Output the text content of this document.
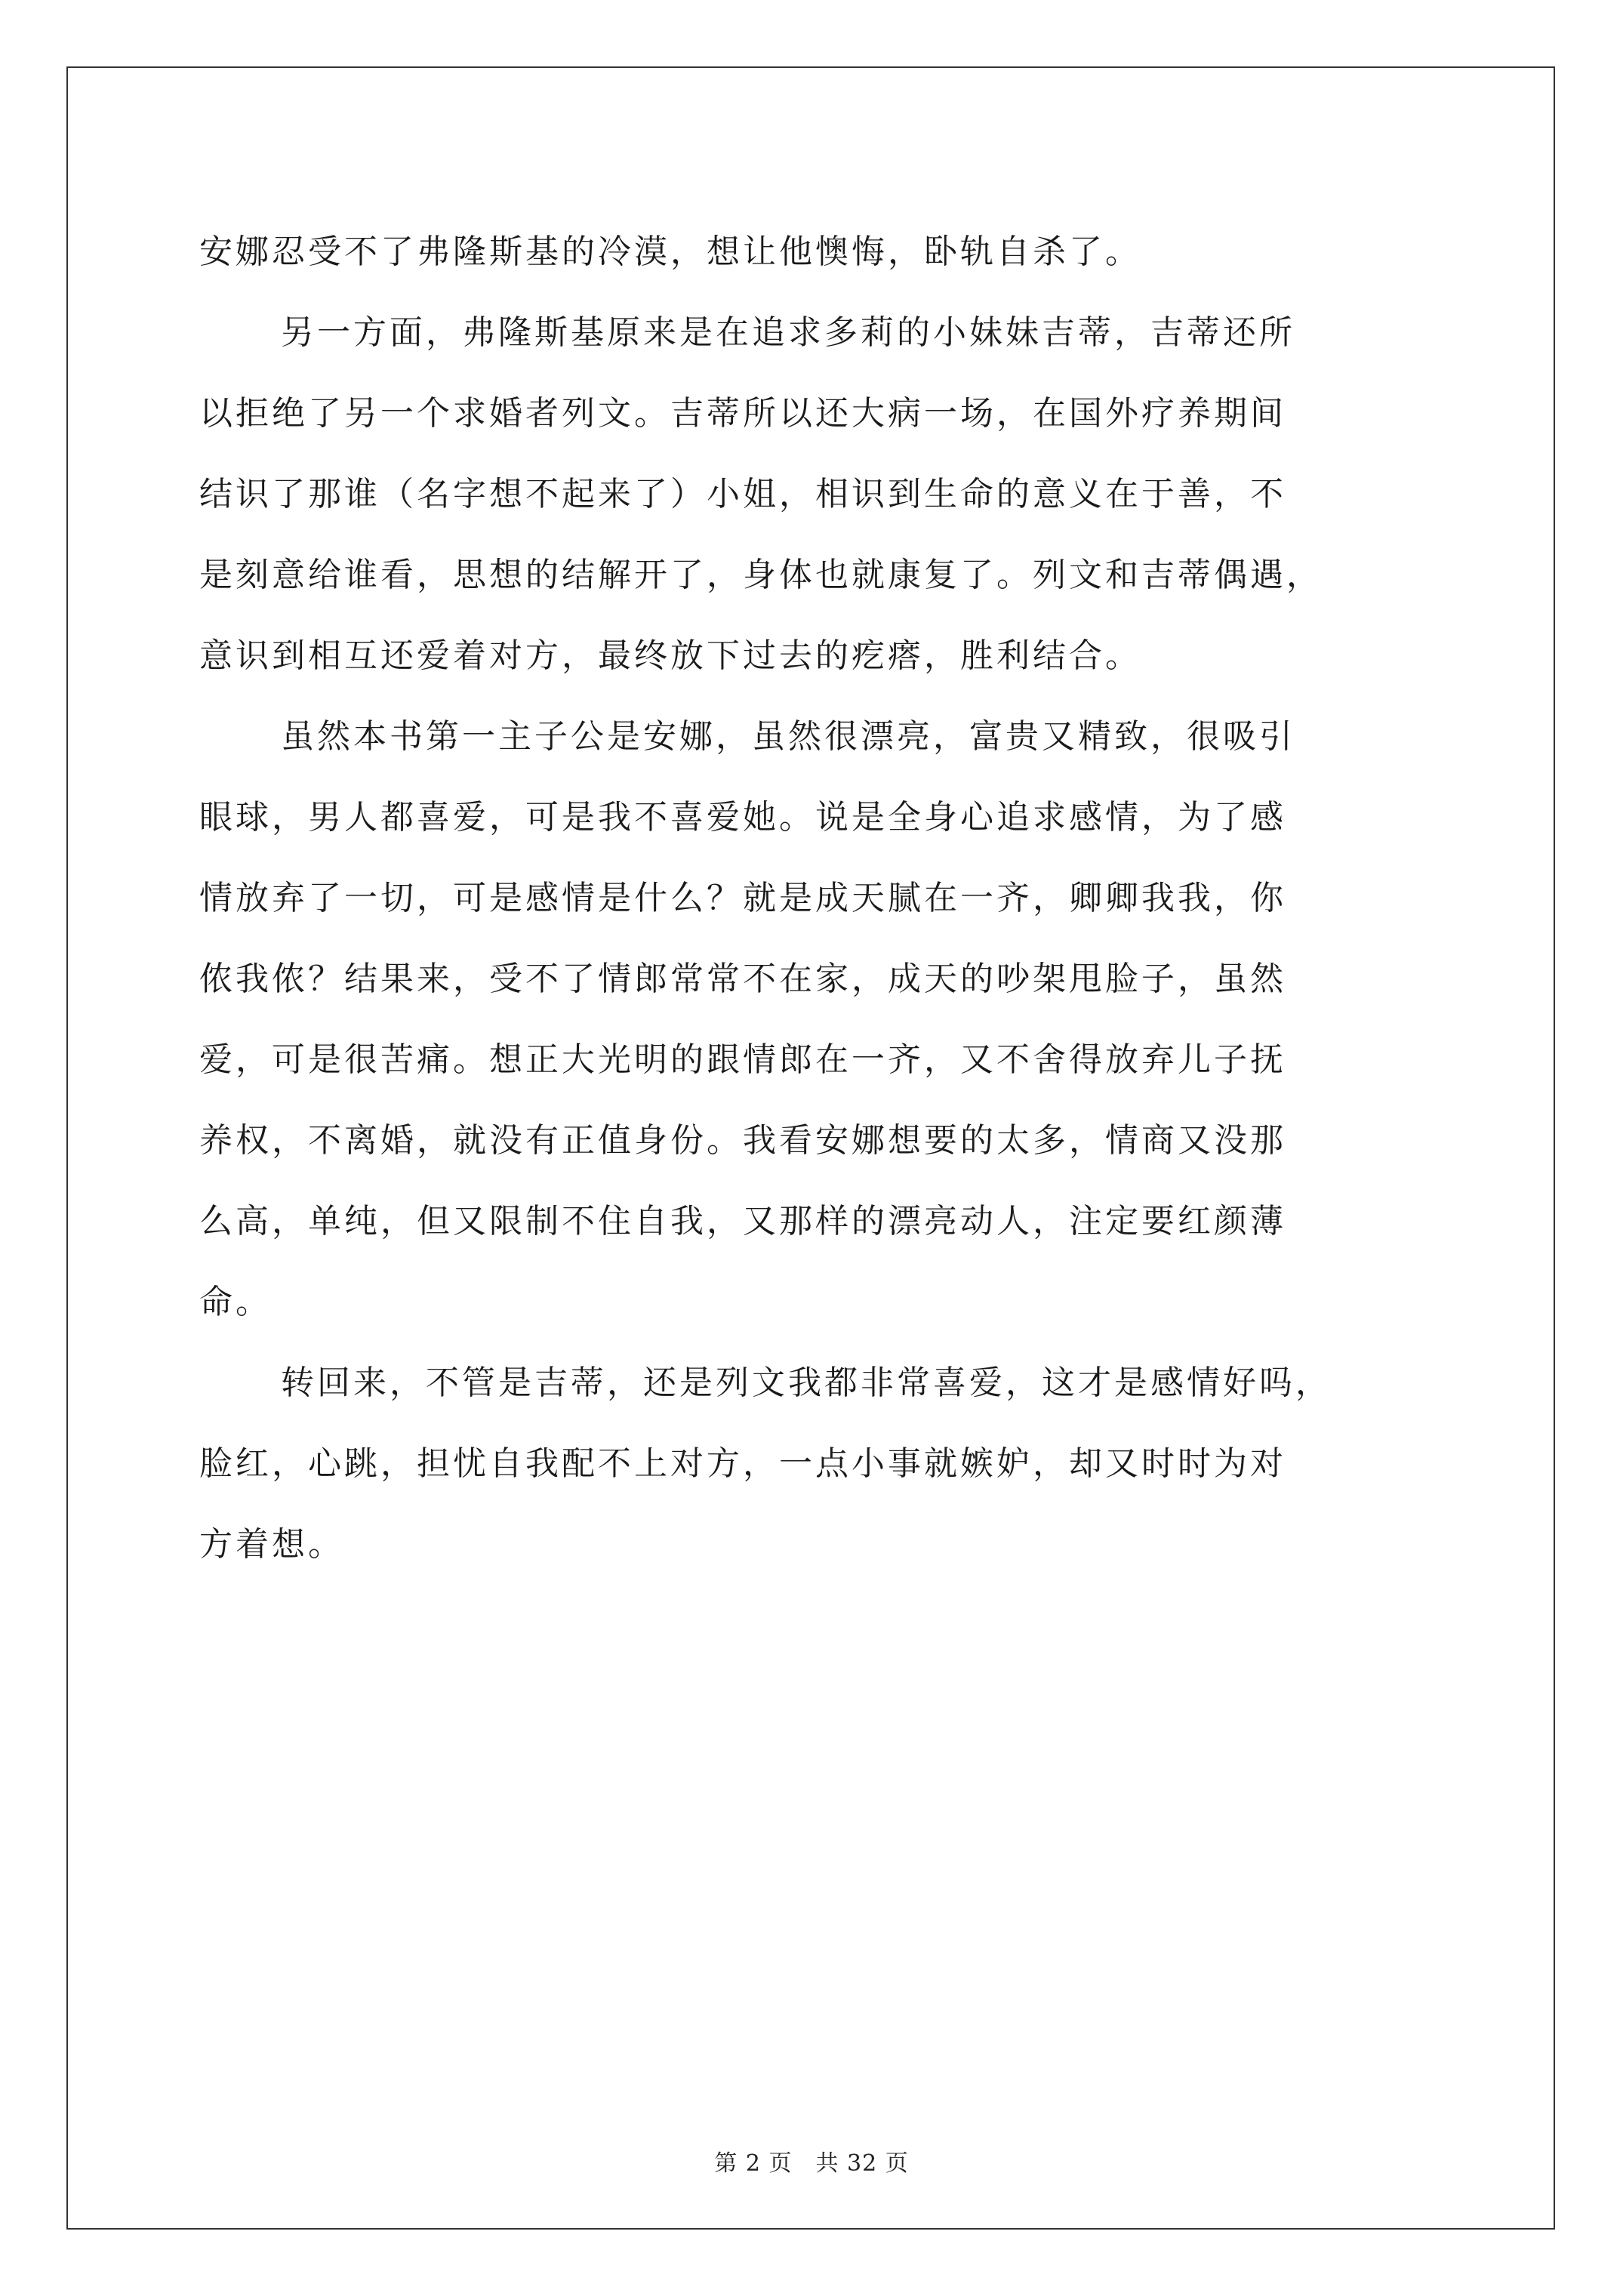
安娜忍受不了弗隆斯基的冷漠，想让他懊悔，卧轨自杀了。

另一方面，弗隆斯基原来是在追求多莉的小妹妹吉蒂，吉蒂还所
以拒绝了另一个求婚者列文。吉蒂所以还大病一场，在国外疗养期间
结识了那谁（名字想不起来了）小姐，相识到生命的意义在于善，不
是刻意给谁看，思想的结解开了，身体也就康复了。列文和吉蒂偶遇，
意识到相互还爱着对方，最终放下过去的疙瘩，胜利结合。

虽然本书第一主子公是安娜，虽然很漂亮，富贵又精致，很吸引
眼球，男人都喜爱，可是我不喜爱她。说是全身心追求感情，为了感
情放弃了一切，可是感情是什么？就是成天腻在一齐，卿卿我我，你
侬我侬？结果来，受不了情郎常常不在家，成天的吵架甩脸子，虽然
爱，可是很苦痛。想正大光明的跟情郎在一齐，又不舍得放弃儿子抚
养权，不离婚，就没有正值身份。我看安娜想要的太多，情商又没那
么高，单纯，但又限制不住自我，又那样的漂亮动人，注定要红颜薄
命。

转回来，不管是吉蒂，还是列文我都非常喜爱，这才是感情好吗，
脸红，心跳，担忧自我配不上对方，一点小事就嫉妒，却又时时为对
方着想。

第 2 页　共 32 页
